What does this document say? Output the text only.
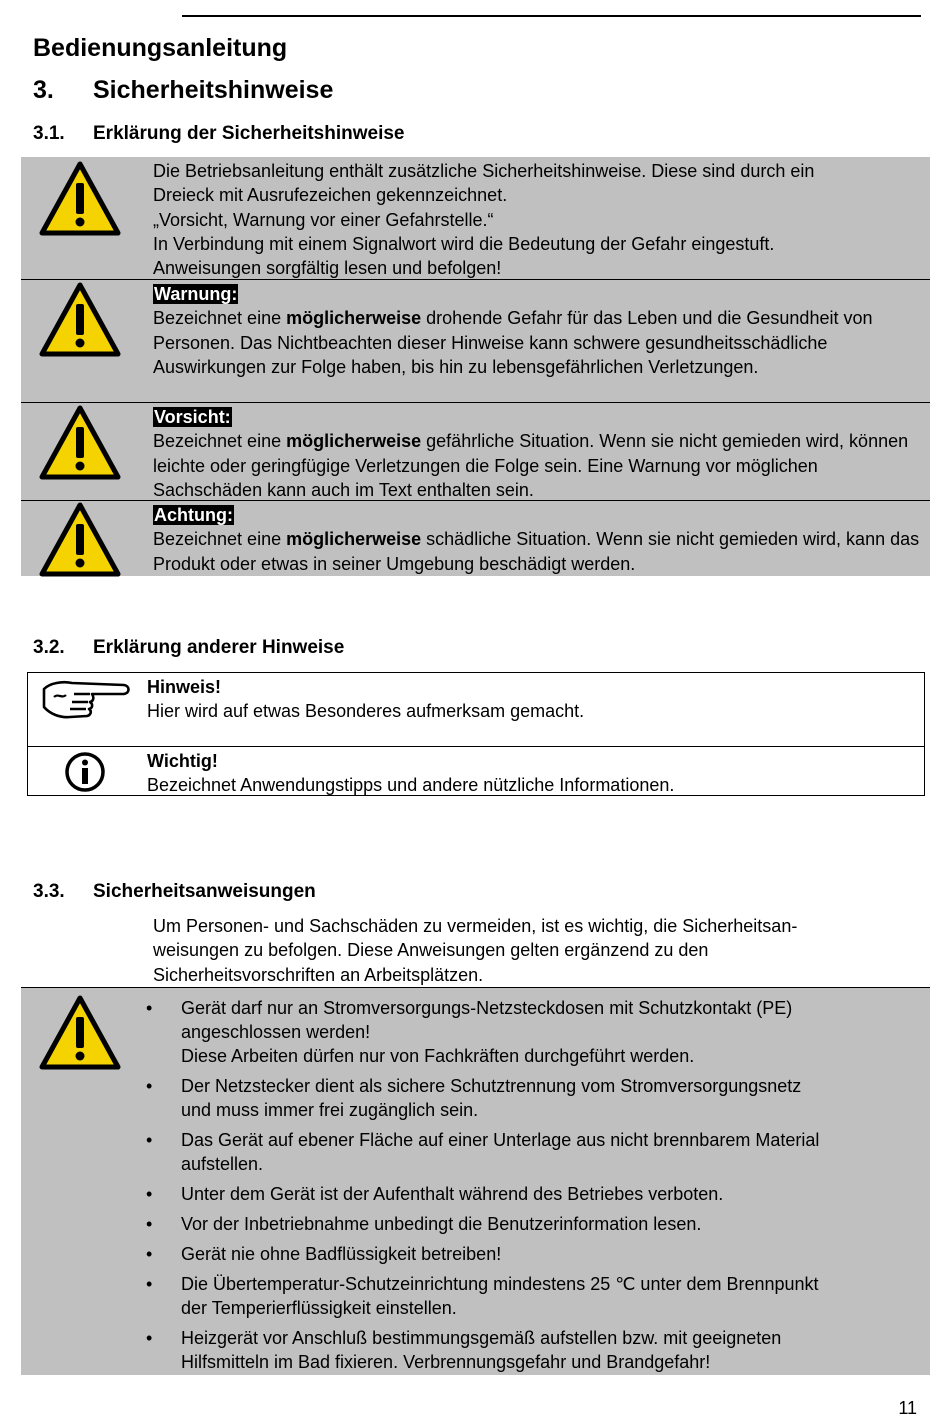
Bedienungsanleitung
3. Sicherheitshinweise
3.1. Erklärung der Sicherheitshinweise
Die Betriebsanleitung enthält zusätzliche Sicherheitshinweise. Diese sind durch ein
Dreieck mit Ausrufezeichen gekennzeichnet.
„Vorsicht, Warnung vor einer Gefahrstelle.“
In Verbindung mit einem Signalwort wird die Bedeutung der Gefahr eingestuft.
Anweisungen sorgfältig lesen und befolgen!
Warnung:
Bezeichnet eine möglicherweise drohende Gefahr für das Leben und die Gesundheit von Personen. Das Nichtbeachten dieser Hinweise kann schwere gesundheitsschädliche Auswirkungen zur Folge haben, bis hin zu lebensgefährlichen Verletzungen.
Vorsicht:
Bezeichnet eine möglicherweise gefährliche Situation. Wenn sie nicht gemieden wird, können leichte oder geringfügige Verletzungen die Folge sein. Eine Warnung vor möglichen Sachschäden kann auch im Text enthalten sein.
Achtung:
Bezeichnet eine möglicherweise schädliche Situation. Wenn sie nicht gemieden wird, kann das Produkt oder etwas in seiner Umgebung beschädigt werden.
3.2. Erklärung anderer Hinweise
Hinweis!
Hier wird auf etwas Besonderes aufmerksam gemacht.
Wichtig!
Bezeichnet Anwendungstipps und andere nützliche Informationen.
3.3. Sicherheitsanweisungen
Um Personen- und Sachschäden zu vermeiden, ist es wichtig, die Sicherheitsan-
weisungen zu befolgen. Diese Anweisungen gelten ergänzend zu den
Sicherheitsvorschriften an Arbeitsplätzen.
• Gerät darf nur an Stromversorgungs-Netzsteckdosen mit Schutzkontakt (PE)
angeschlossen werden!
Diese Arbeiten dürfen nur von Fachkräften durchgeführt werden.
• Der Netzstecker dient als sichere Schutztrennung vom Stromversorgungsnetz
und muss immer frei zugänglich sein.
• Das Gerät auf ebener Fläche auf einer Unterlage aus nicht brennbarem Material
aufstellen.
• Unter dem Gerät ist der Aufenthalt während des Betriebes verboten.
• Vor der Inbetriebnahme unbedingt die Benutzerinformation lesen.
• Gerät nie ohne Badflüssigkeit betreiben!
• Die Übertemperatur-Schutzeinrichtung mindestens 25 ℃ unter dem Brennpunkt
der Temperierflüssigkeit einstellen.
• Heizgerät vor Anschluß bestimmungsgemäß aufstellen bzw. mit geeigneten
Hilfsmitteln im Bad fixieren. Verbrennungsgefahr und Brandgefahr!
11
